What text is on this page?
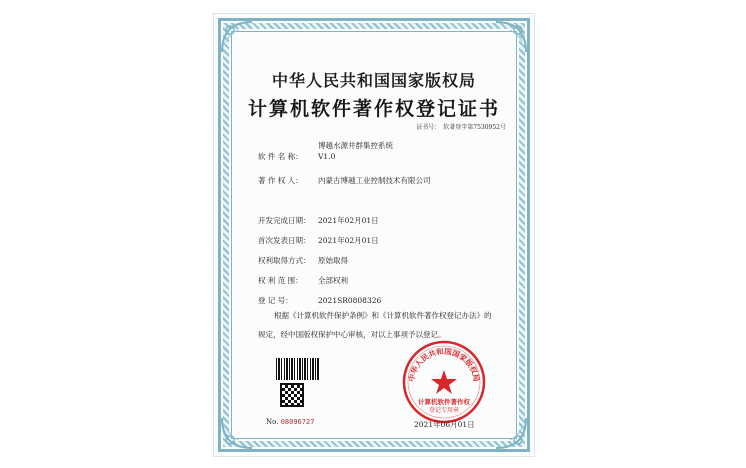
中华人民共和国国家版权局
计算机软件著作权登记证书
证书号： 软著登字第7530952号
软 件 名 称：博越水源井群集控系统
V1.0
著 作 权 人： 内蒙古博越工业控制技术有限公司
开发完成日期： 2021年02月01日
首次发表日期： 2021年02月01日
权利取得方式： 原始取得
权 利 范 围： 全部权利
登 记 号：	2021SR0808326
根据《计算机软件保护条例》和《计算机软件著作权登记办法》的
规定，经中国版权保护中心审核，对以上事项予以登记。
No. 08096727
中华人民共和国国家版权局
计算机软件著作权
登记专用章
2021年06月01日
